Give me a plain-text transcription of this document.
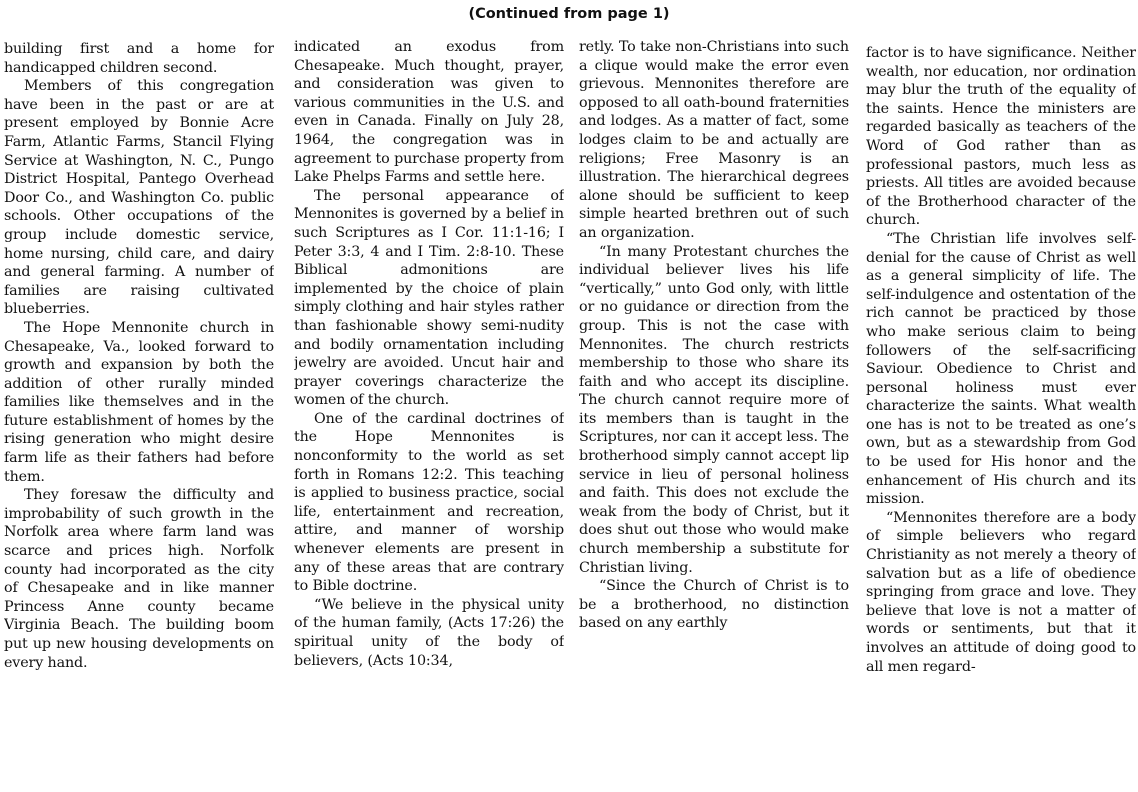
(Continued from page 1)

building first and a home for handicapped children second.

Members of this congregation have been in the past or are at present employed by Bonnie Acre Farm, Atlantic Farms, Stancil Flying Service at Washington, N. C., Pungo District Hospital, Pantego Overhead Door Co., and Washington Co. public schools. Other occupations of the group include domestic service, home nursing, child care, and dairy and general farming. A number of families are raising cultivated blueberries.

The Hope Mennonite church in Chesapeake, Va., looked forward to growth and expansion by both the addition of other rurally minded families like themselves and in the future establishment of homes by the rising generation who might desire farm life as their fathers had before them.

They foresaw the difficulty and improbability of such growth in the Norfolk area where farm land was scarce and prices high. Norfolk county had incorporated as the city of Chesapeake and in like manner Princess Anne county became Virginia Beach. The building boom put up new housing developments on every hand.

indicated an exodus from Chesapeake. Much thought, prayer, and consideration was given to various communities in the U.S. and even in Canada. Finally on July 28, 1964, the congregation was in agreement to purchase property from Lake Phelps Farms and settle here.

The personal appearance of Mennonites is governed by a belief in such Scriptures as I Cor. 11:1-16; I Peter 3:3, 4 and I Tim. 2:8-10. These Biblical admonitions are implemented by the choice of plain simply clothing and hair styles rather than fashionable showy semi-nudity and bodily ornamentation including jewelry are avoided. Uncut hair and prayer coverings characterize the women of the church.

One of the cardinal doctrines of the Hope Mennonites is nonconformity to the world as set forth in Romans 12:2. This teaching is applied to business practice, social life, entertainment and recreation, attire, and manner of worship whenever elements are present in any of these areas that are contrary to Bible doctrine.

“We believe in the physical unity of the human family, (Acts 17:26) the spiritual unity of the body of believers, (Acts 10:34,

retly. To take non-Christians into such a clique would make the error even grievous. Mennonites therefore are opposed to all oath-bound fraternities and lodges. As a matter of fact, some lodges claim to be and actually are religions; Free Masonry is an illustration. The hierarchical degrees alone should be sufficient to keep simple hearted brethren out of such an organization.

“In many Protestant churches the individual believer lives his life “vertically,” unto God only, with little or no guidance or direction from the group. This is not the case with Mennonites. The church restricts membership to those who share its faith and who accept its discipline. The church cannot require more of its members than is taught in the Scriptures, nor can it accept less. The brotherhood simply cannot accept lip service in lieu of personal holiness and faith. This does not exclude the weak from the body of Christ, but it does shut out those who would make church membership a substitute for Christian living.

“Since the Church of Christ is to be a brotherhood, no distinction based on any earthly

factor is to have significance. Neither wealth, nor education, nor ordination may blur the truth of the equality of the saints. Hence the ministers are regarded basically as teachers of the Word of God rather than as professional pastors, much less as priests. All titles are avoided because of the Brotherhood character of the church.

“The Christian life involves self-denial for the cause of Christ as well as a general simplicity of life. The self-indulgence and ostentation of the rich cannot be practiced by those who make serious claim to being followers of the self-sacrificing Saviour. Obedience to Christ and personal holiness must ever characterize the saints. What wealth one has is not to be treated as one’s own, but as a stewardship from God to be used for His honor and the enhancement of His church and its mission.

“Mennonites therefore are a body of simple believers who regard Christianity as not merely a theory of salvation but as a life of obedience springing from grace and love. They believe that love is not a matter of words or sentiments, but that it involves an attitude of doing good to all men regard-
